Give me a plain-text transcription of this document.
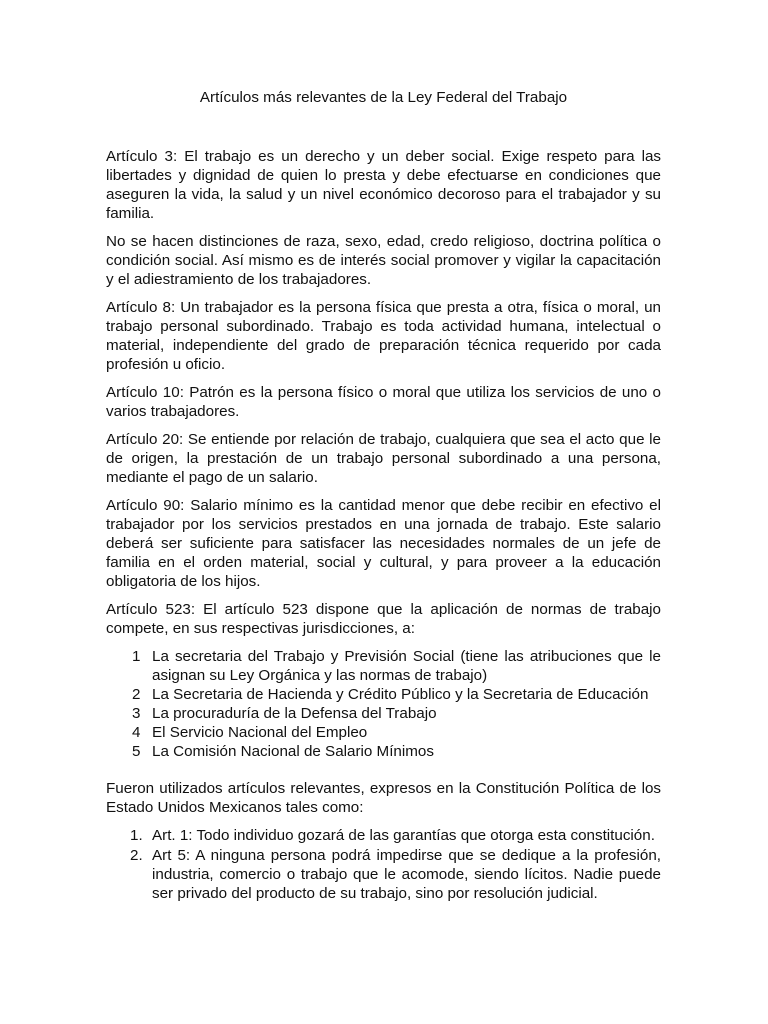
Artículos más relevantes de la Ley Federal del Trabajo

Artículo 3: El trabajo es un derecho y un deber social. Exige respeto para las libertades y dignidad de quien lo presta y debe efectuarse en condiciones que aseguren la vida, la salud y un nivel económico decoroso para el trabajador y su familia.

No se hacen distinciones de raza, sexo, edad, credo religioso, doctrina política o condición social. Así mismo es de interés social promover y vigilar la capacitación y el adiestramiento de los trabajadores.

Artículo 8: Un trabajador es la persona física que presta a otra, física o moral, un trabajo personal subordinado. Trabajo es toda actividad humana, intelectual o material, independiente del grado de preparación técnica requerido por cada profesión u oficio.

Artículo 10: Patrón es la persona físico o moral que utiliza los servicios de uno o varios trabajadores.

Artículo 20: Se entiende por relación de trabajo, cualquiera que sea el acto que le de origen, la prestación de un trabajo personal subordinado a una persona, mediante el pago de un salario.

Artículo 90: Salario mínimo es la cantidad menor que debe recibir en efectivo el trabajador por los servicios prestados en una jornada de trabajo. Este salario deberá ser suficiente para satisfacer las necesidades normales de un jefe de familia en el orden material, social y cultural, y para proveer a la educación obligatoria de los hijos.

Artículo 523: El artículo 523 dispone que la aplicación de normas de trabajo compete, en sus respectivas jurisdicciones, a:

1 La secretaria del Trabajo y Previsión Social (tiene las atribuciones que le asignan su Ley Orgánica y las normas de trabajo)
2 La Secretaria de Hacienda y Crédito Público y la Secretaria de Educación
3 La procuraduría de la Defensa del Trabajo
4 El Servicio Nacional del Empleo
5 La Comisión Nacional de Salario Mínimos

Fueron utilizados artículos relevantes, expresos en la Constitución Política de los Estado Unidos Mexicanos tales como:

1. Art. 1: Todo individuo gozará de las garantías que otorga esta constitución.
2. Art 5: A ninguna persona podrá impedirse que se dedique a la profesión, industria, comercio o trabajo que le acomode, siendo lícitos. Nadie puede ser privado del producto de su trabajo, sino por resolución judicial.
